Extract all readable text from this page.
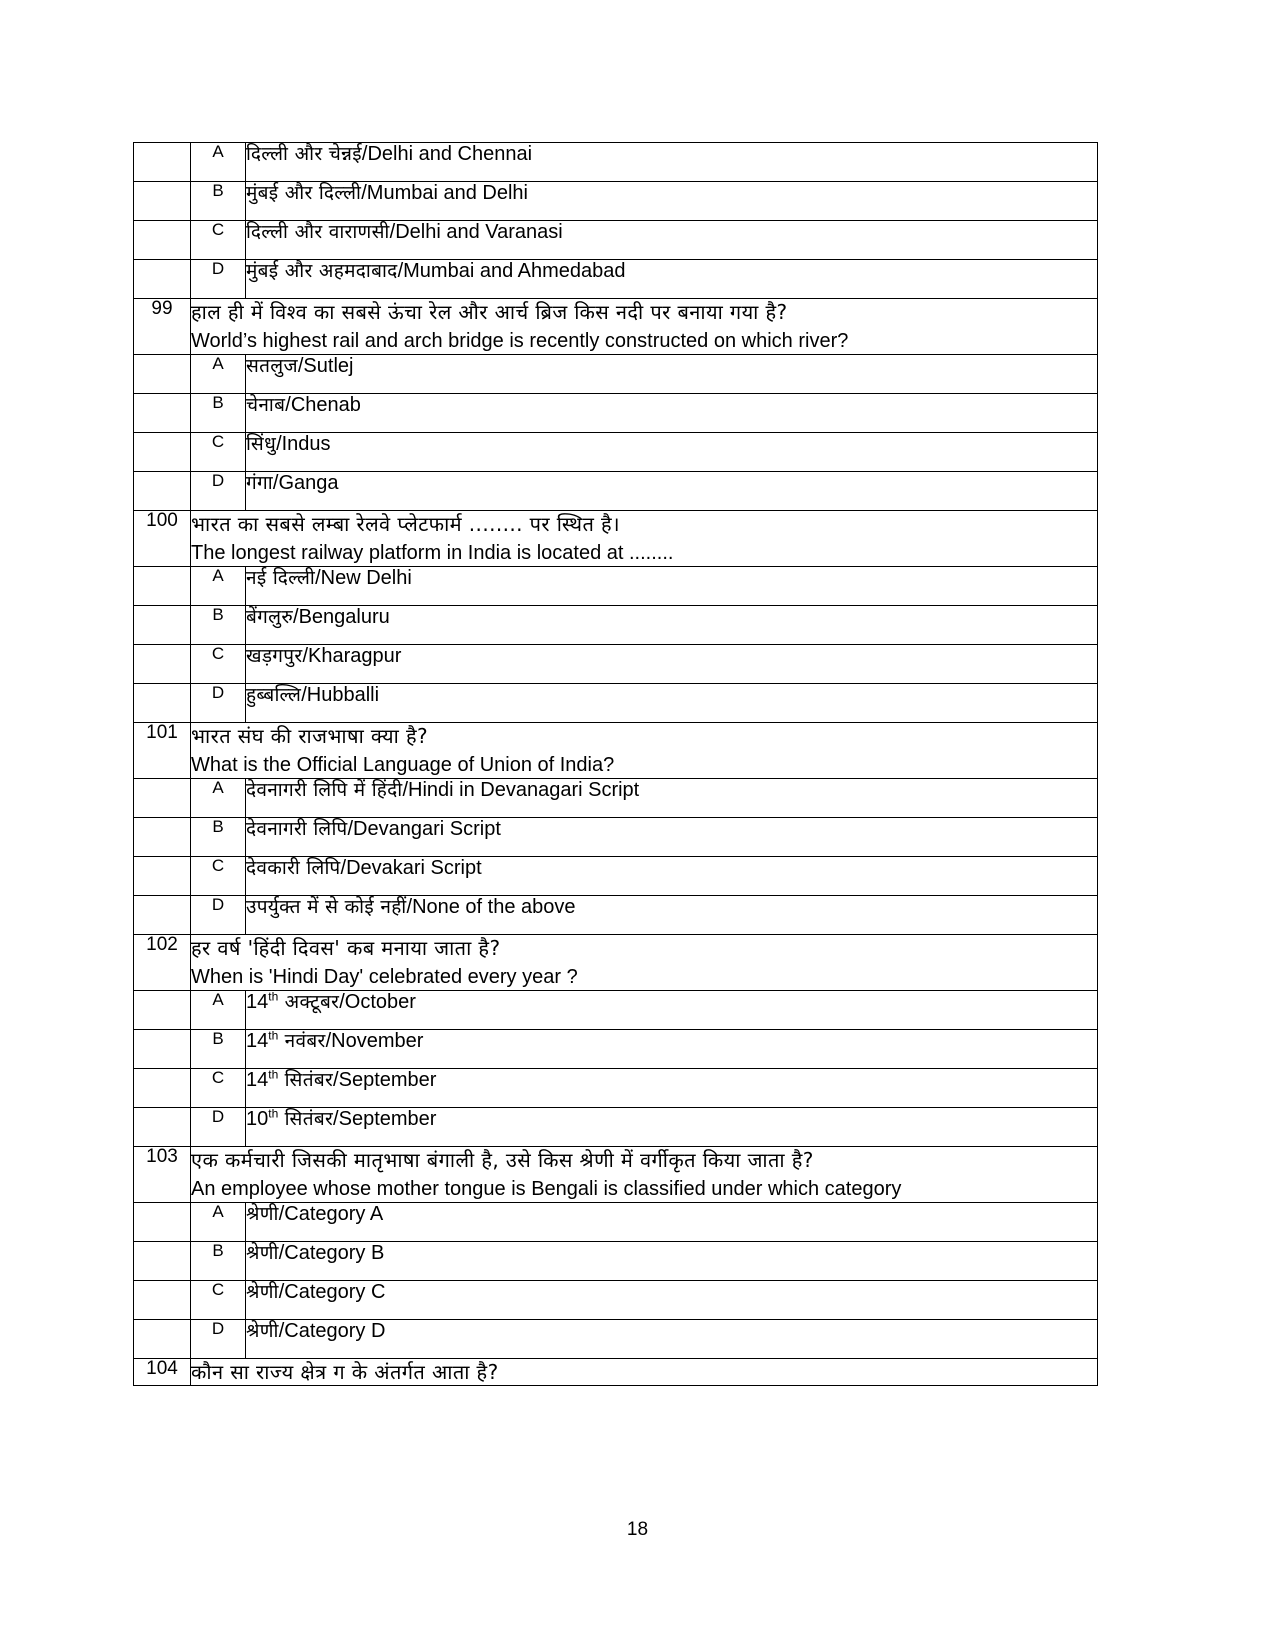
	A	दिल्ली और चेन्नई/Delhi and Chennai

	B	मुंबई और दिल्ली/Mumbai and Delhi

	C	दिल्ली और वाराणसी/Delhi and Varanasi

	D	मुंबई और अहमदाबाद/Mumbai and Ahmedabad

99	हाल ही में विश्व का सबसे ऊंचा रेल और आर्च ब्रिज किस नदी पर बनाया गया है?
World’s highest rail and arch bridge is recently constructed on which river?	

	A	सतलुज/Sutlej

	B	चेनाब/Chenab

	C	सिंधु/Indus

	D	गंगा/Ganga

100	भारत का सबसे लम्बा रेलवे प्लेटफार्म ........ पर स्थित है।
The longest railway platform in India is located at ........	

	A	नई दिल्ली/New Delhi

	B	बेंगलुरु/Bengaluru

	C	खड़गपुर/Kharagpur

	D	हुब्बल्लि/Hubballi

101	भारत संघ की राजभाषा क्या है?
What is the Official Language of Union of India?	

	A	देवनागरी लिपि में हिंदी/Hindi in Devanagari Script

	B	देवनागरी लिपि/Devangari Script

	C	देवकारी लिपि/Devakari Script

	D	उपर्युक्त में से कोई नहीं/None of the above

102	हर वर्ष 'हिंदी दिवस' कब मनाया जाता है?
When is 'Hindi Day' celebrated every year ?	

	A	14th अक्टूबर/October

	B	14th नवंबर/November

	C	14th सितंबर/September

	D	10th सितंबर/September

103	एक कर्मचारी जिसकी मातृभाषा बंगाली है, उसे किस श्रेणी में वर्गीकृत किया जाता है?
An employee whose mother tongue is Bengali is classified under which category	

	A	श्रेणी/Category A

	B	श्रेणी/Category B

	C	श्रेणी/Category C

	D	श्रेणी/Category D

104	कौन सा राज्य क्षेत्र ग के अंतर्गत आता है?	
18
